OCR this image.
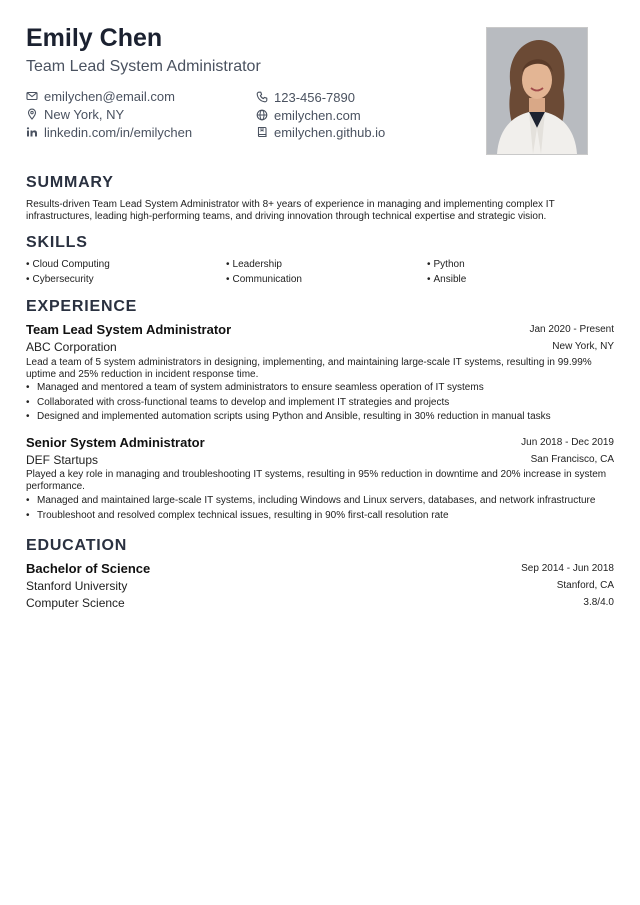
Emily Chen
Team Lead System Administrator
emilychen@email.com
New York, NY
linkedin.com/in/emilychen
123-456-7890
emilychen.com
emilychen.github.io
SUMMARY
Results-driven Team Lead System Administrator with 8+ years of experience in managing and implementing complex IT infrastructures, leading high-performing teams, and driving innovation through technical expertise and strategic vision.
SKILLS
• Cloud Computing	• Leadership	• Python
• Cybersecurity	• Communication	• Ansible
EXPERIENCE
Team Lead System Administrator	Jan 2020 - Present
ABC Corporation	New York, NY
Lead a team of 5 system administrators in designing, implementing, and maintaining large-scale IT systems, resulting in 99.99% uptime and 25% reduction in incident response time.
• Managed and mentored a team of system administrators to ensure seamless operation of IT systems
• Collaborated with cross-functional teams to develop and implement IT strategies and projects
• Designed and implemented automation scripts using Python and Ansible, resulting in 30% reduction in manual tasks
Senior System Administrator	Jun 2018 - Dec 2019
DEF Startups	San Francisco, CA
Played a key role in managing and troubleshooting IT systems, resulting in 95% reduction in downtime and 20% increase in system performance.
• Managed and maintained large-scale IT systems, including Windows and Linux servers, databases, and network infrastructure
• Troubleshoot and resolved complex technical issues, resulting in 90% first-call resolution rate
EDUCATION
Bachelor of Science	Sep 2014 - Jun 2018
Stanford University	Stanford, CA
Computer Science	3.8/4.0
